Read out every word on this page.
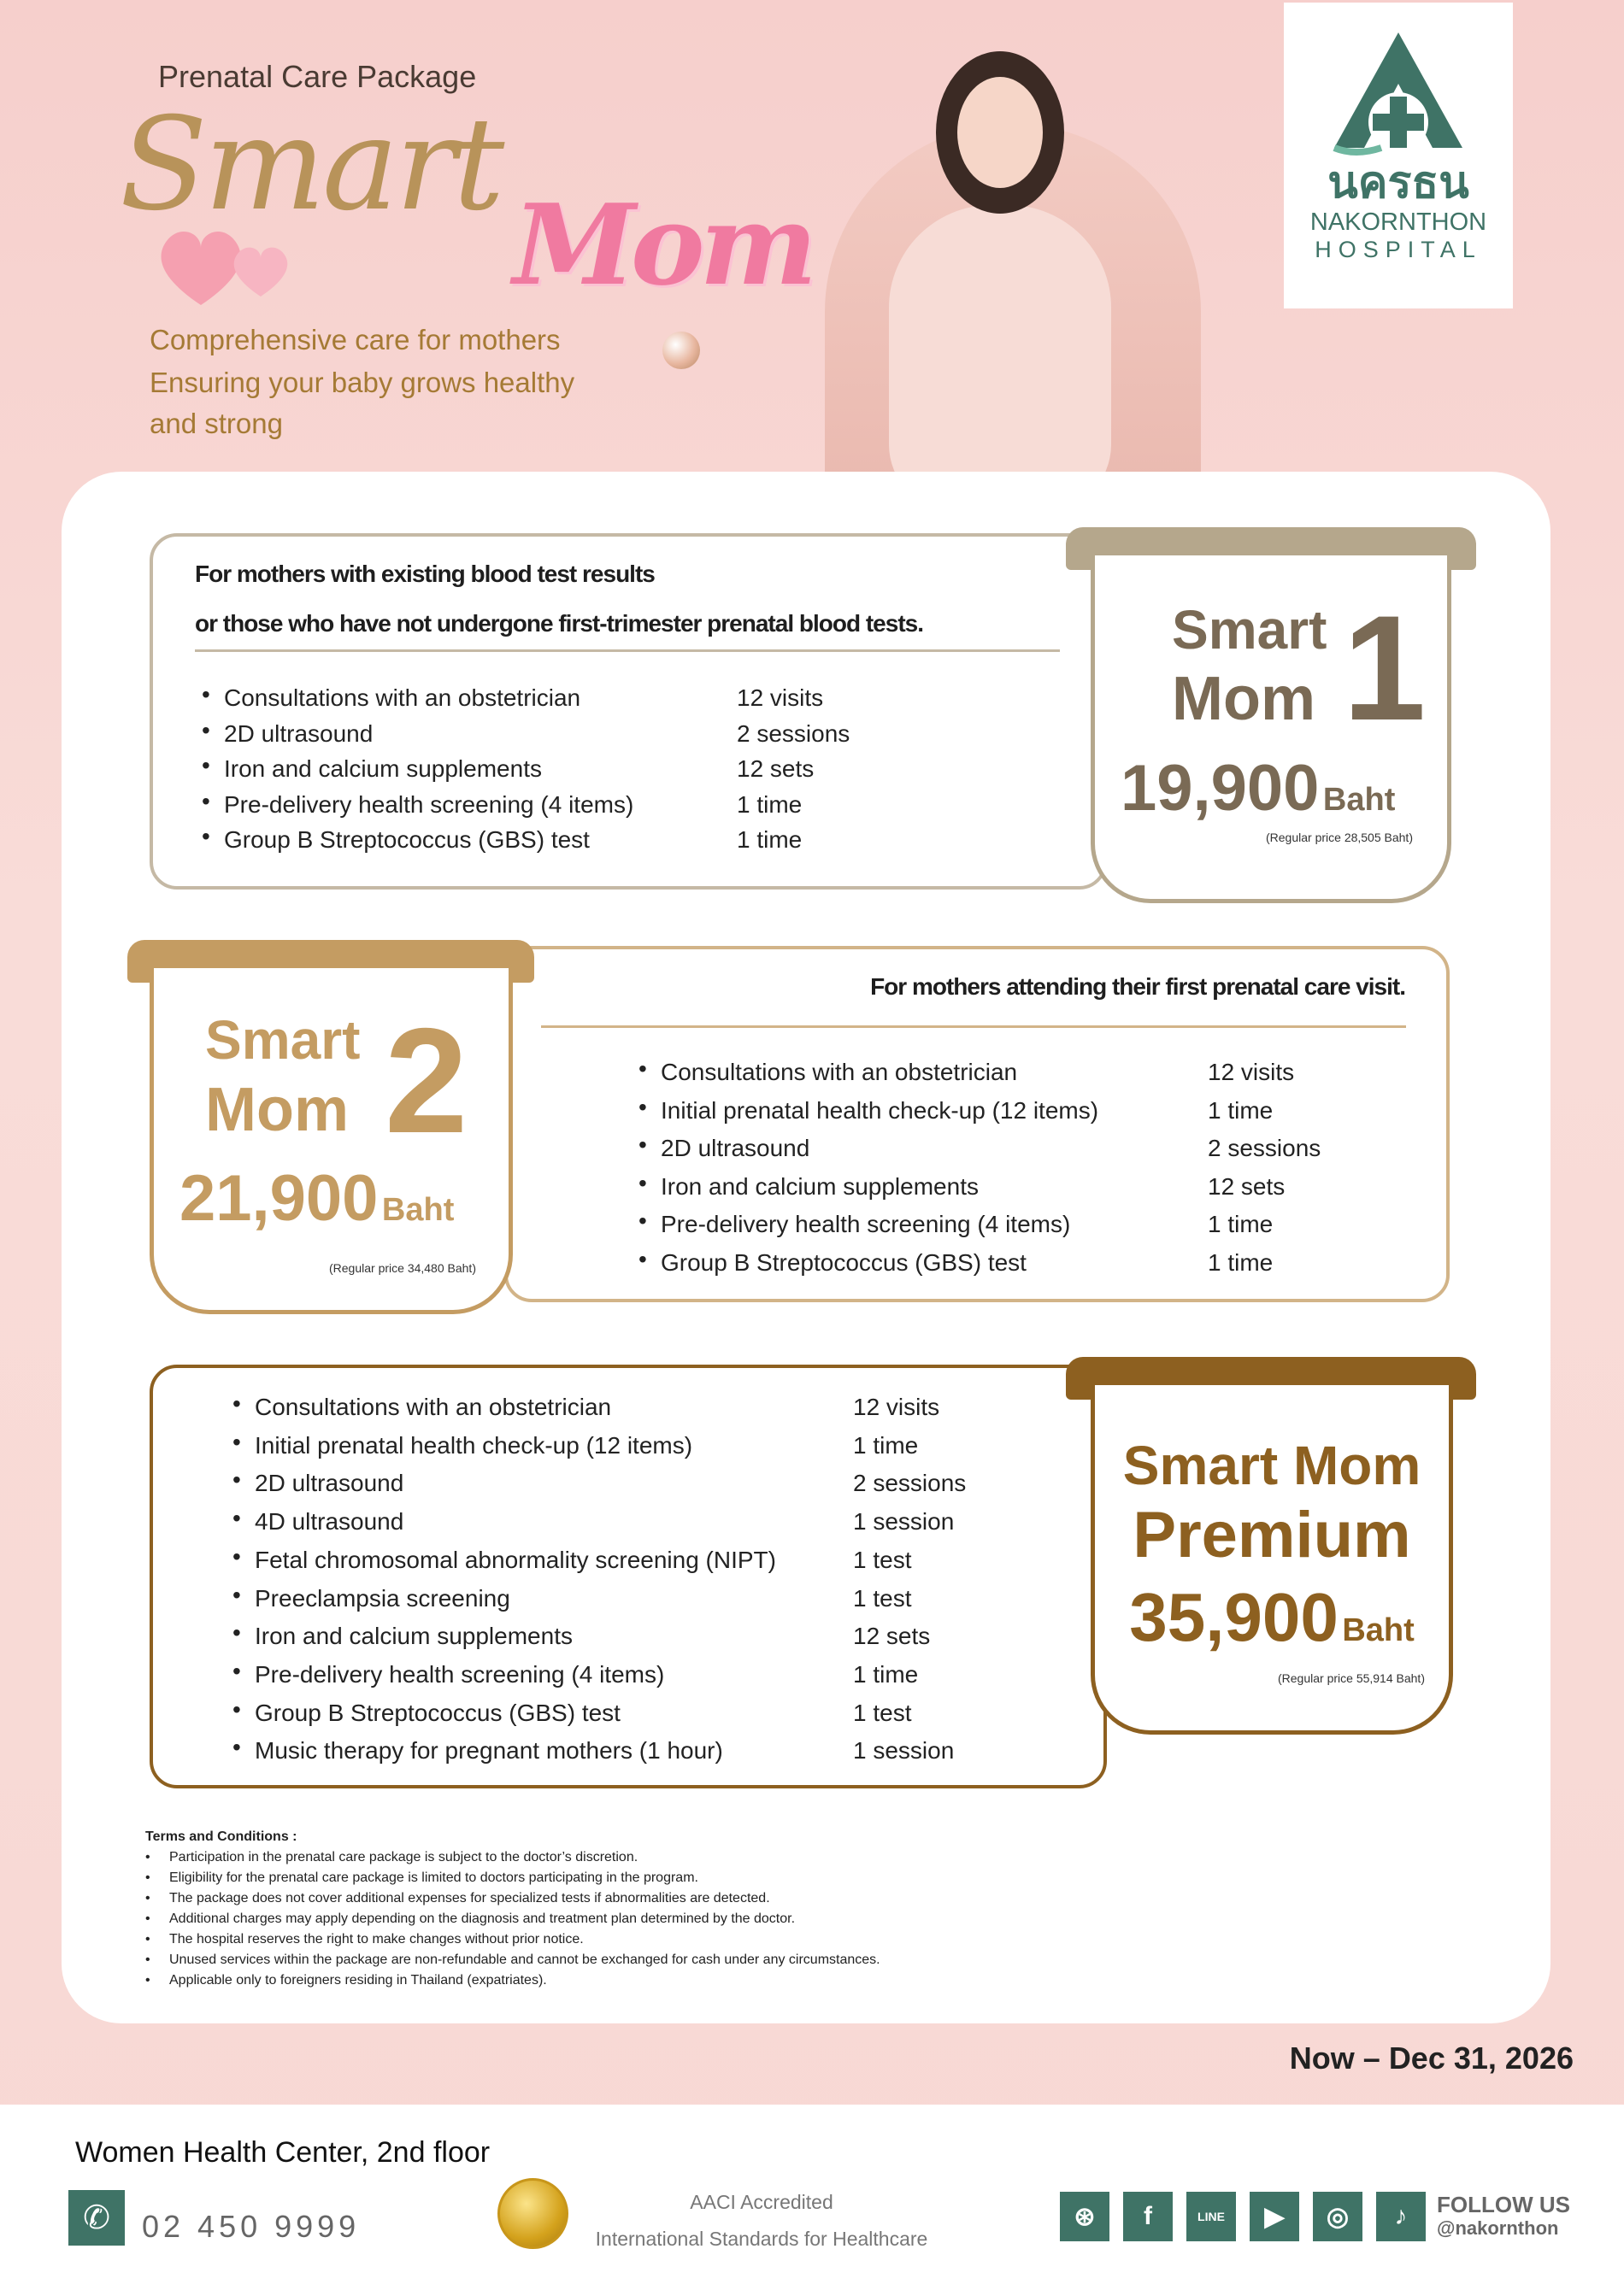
Prenatal Care Package
Smart
Mom
Comprehensive care for mothers
Ensuring your baby grows healthy
and strong
นครธน
NAKORNTHON
HOSPITAL
For mothers with existing blood test results
or those who have not undergone first-trimester prenatal blood tests.
• Consultations with an obstetrician	12 visits
• 2D ultrasound	2 sessions
• Iron and calcium supplements	12 sets
• Pre-delivery health screening (4 items)	1 time
• Group B Streptococcus (GBS) test	1 time
Smart
Mom 1
19,900 Baht
(Regular price 28,505 Baht)
For mothers attending their first prenatal care visit.
• Consultations with an obstetrician	12 visits
• Initial prenatal health check-up (12 items)	1 time
• 2D ultrasound	2 sessions
• Iron and calcium supplements	12 sets
• Pre-delivery health screening (4 items)	1 time
• Group B Streptococcus (GBS) test	1 time
Smart
Mom 2
21,900 Baht
(Regular price 34,480 Baht)
• Consultations with an obstetrician	12 visits
• Initial prenatal health check-up (12 items)	1 time
• 2D ultrasound	2 sessions
• 4D ultrasound	1 session
• Fetal chromosomal abnormality screening (NIPT)	1 test
• Preeclampsia screening	1 test
• Iron and calcium supplements	12 sets
• Pre-delivery health screening (4 items)	1 time
• Group B Streptococcus (GBS) test	1 test
• Music therapy for pregnant mothers (1 hour)	1 session
Smart Mom
Premium
35,900 Baht
(Regular price 55,914 Baht)
Terms and Conditions :
• Participation in the prenatal care package is subject to the doctor’s discretion.
• Eligibility for the prenatal care package is limited to doctors participating in the program.
• The package does not cover additional expenses for specialized tests if abnormalities are detected.
• Additional charges may apply depending on the diagnosis and treatment plan determined by the doctor.
• The hospital reserves the right to make changes without prior notice.
• Unused services within the package are non-refundable and cannot be exchanged for cash under any circumstances.
• Applicable only to foreigners residing in Thailand (expatriates).
Now – Dec 31, 2026
Women Health Center, 2nd floor
✆	02 450 9999
AACI Accredited
International Standards for Healthcare
⊛	f	LINE	▶	◎	♪	FOLLOW US
@nakornthon
